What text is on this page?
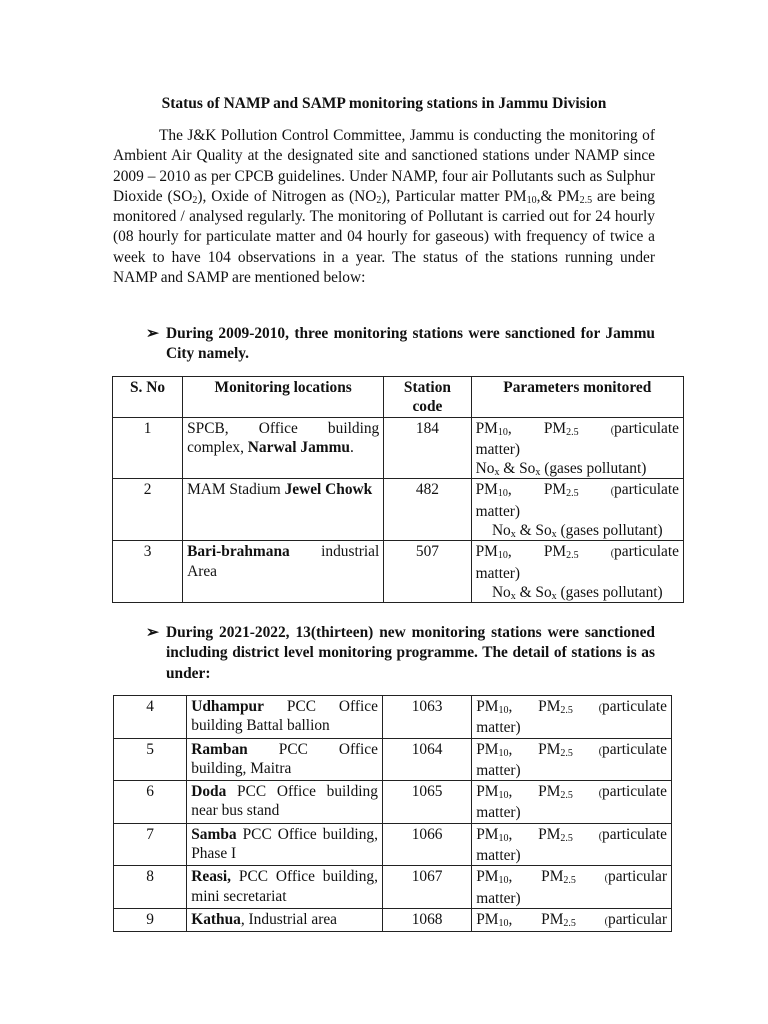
Status of NAMP and SAMP monitoring stations in Jammu Division

The J&K Pollution Control Committee, Jammu is conducting the monitoring of Ambient Air Quality at the designated site and sanctioned stations under NAMP since 2009 – 2010 as per CPCB guidelines. Under NAMP, four air Pollutants such as Sulphur Dioxide $(SO_2)$, Oxide of Nitrogen as $(NO_2)$, Particular matter $PM_{10},\&$ $PM_{2.5}$ are being monitored / analysed regularly. The monitoring of Pollutant is carried out for 24 hourly (08 hourly for particulate matter and 04 hourly for gaseous) with frequency of twice a week to have 104 observations in a year. The status of the stations running under NAMP and SAMP are mentioned below:

➢ During 2009-2010, three monitoring stations were sanctioned for Jammu City namely.
S. No	Monitoring locations	Station code	Parameters monitored
1	SPCB, Office building complex, Narwal Jammu.	184	$PM_{10}$, $PM_{2.5}$ (particulate
matter)
$No_x$ & $So_x$ (gases pollutant)

2	MAM Stadium Jewel Chowk	482	$PM_{10}$, $PM_{2.5}$ (particulate
matter)
$No_x$ & $So_x$ (gases pollutant)

3	Bari-brahmana industrial Area	507	$PM_{10}$, $PM_{2.5}$ (particulate
matter)
$No_x$ & $So_x$ (gases pollutant)
➢ During 2021-2022, 13(thirteen) new monitoring stations were sanctioned including district level monitoring programme. The detail of stations is as under:
4	Udhampur PCC Office building Battal ballion	1063	$PM_{10}$, $PM_{2.5}$ (particulate
matter)

5	Ramban PCC Office building, Maitra	1064	$PM_{10}$, $PM_{2.5}$ (particulate
matter)

6	Doda PCC Office building near bus stand	1065	$PM_{10}$, $PM_{2.5}$ (particulate
matter)

7	Samba PCC Office building, Phase I	1066	$PM_{10}$, $PM_{2.5}$ (particulate
matter)

8	Reasi, PCC Office building, mini secretariat	1067	$PM_{10}$, $PM_{2.5}$ (particular
matter)

9	Kathua, Industrial area	1068	$PM_{10}$, $PM_{2.5}$ (particular
